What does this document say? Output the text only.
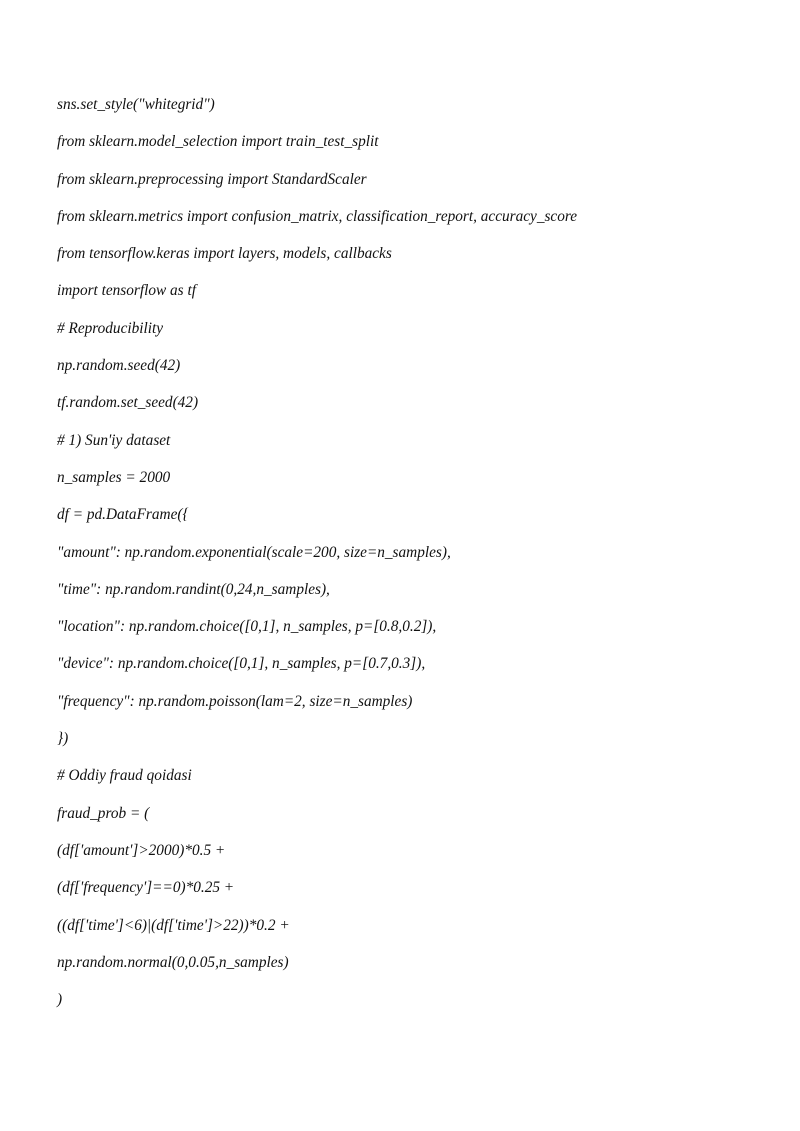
sns.set_style("whitegrid")
from sklearn.model_selection import train_test_split
from sklearn.preprocessing import StandardScaler
from sklearn.metrics import confusion_matrix, classification_report, accuracy_score
from tensorflow.keras import layers, models, callbacks
import tensorflow as tf
# Reproducibility
np.random.seed(42)
tf.random.set_seed(42)
# 1) Sun'iy dataset
n_samples = 2000
df = pd.DataFrame({
"amount": np.random.exponential(scale=200, size=n_samples),
"time": np.random.randint(0,24,n_samples),
"location": np.random.choice([0,1], n_samples, p=[0.8,0.2]),
"device": np.random.choice([0,1], n_samples, p=[0.7,0.3]),
"frequency": np.random.poisson(lam=2, size=n_samples)
})
# Oddiy fraud qoidasi
fraud_prob = (
(df['amount']>2000)*0.5 +
(df['frequency']==0)*0.25 +
((df['time']<6)|(df['time']>22))*0.2 +
np.random.normal(0,0.05,n_samples)
)
